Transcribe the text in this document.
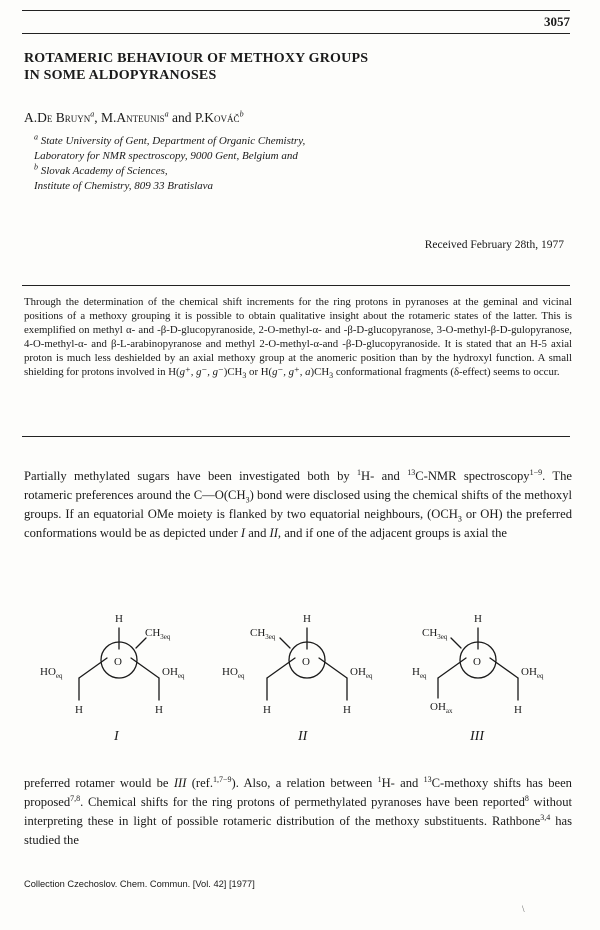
3057
ROTAMERIC BEHAVIOUR OF METHOXY GROUPS
IN SOME ALDOPYRANOSES
A.De Bruyn$^a$, M.Anteunis$^a$ and P.Kováč$^b$
$^a$ State University of Gent, Department of Organic Chemistry,
Laboratory for NMR spectroscopy, 9000 Gent, Belgium and
$^b$ Slovak Academy of Sciences,
Institute of Chemistry, 809 33 Bratislava
Received February 28th, 1977

Through the determination of the chemical shift increments for the ring protons in pyranoses at the geminal and vicinal positions of a methoxy grouping it is possible to obtain qualitative insight about the rotameric states of the latter. This is exemplified on methyl α- and -β-D-glucopyranoside, 2-O-methyl-α- and -β-D-glucopyranose, 3-O-methyl-β-D-gulopyranose, 4-O-methyl-α- and β-L-arabinopyranose and methyl 2-O-methyl-α-and -β-D-glucopyranoside. It is stated that an H-5 axial proton is much less deshielded by an axial methoxy group at the anomeric position than by the hydroxyl function. A small shielding for protons involved in H(g⁺, g⁻, $g^-)CH_3$ or H(g⁻, g⁺, $a)CH_3$ conformational fragments (δ-effect) seems to occur.

Partially methylated sugars have been investigated both by $^1$H- and $^{13}$C-NMR spectroscopy$^{1-9}$. The rotameric preferences around the $C—O(CH_3)$ bond were disclosed using the chemical shifts of the methoxyl groups. If an equatorial OMe moiety is flanked by two equatorial neighbours, ($OCH_3$ or OH) the preferred conformations would be as depicted under I and II, and if one of the adjacent groups is axial the

H
$CH_3eq$
O
$HO_{eq}$	$OH_{eq}$
H	H
I
H
$CH_3eq$
O
$HO_{eq}$	$OH_{eq}$
H	H
II
H
$CH_3eq$
O
$H_{eq}$	$OH_{eq}$
$OH_{ax}$	H
III

preferred rotamer would be III (ref.$^{1,7-9}$). Also, a relation between $^1$H- and $^{13}$C-methoxy shifts has been proposed$^{7,8}$. Chemical shifts for the ring protons of permethylated pyranoses have been reported$^8$ without interpreting these in light of possible rotameric distribution of the methoxy substituents. Rathbone$^{3,4}$ has studied the

Collection Czechoslov. Chem. Commun. [Vol. 42] [1977]
\
